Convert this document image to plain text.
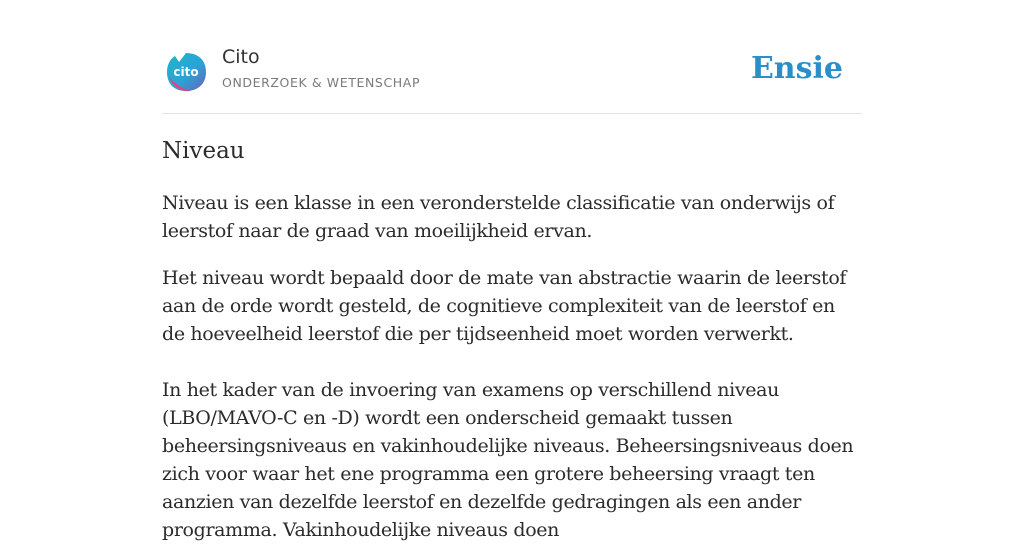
cito
Cito
ONDERZOEK & WETENSCHAP	Ensie
Niveau

Niveau is een klasse in een veronderstelde classificatie van onderwijs of leerstof naar de graad van moeilijkheid ervan.

Het niveau wordt bepaald door de mate van abstractie waarin de leerstof aan de orde wordt gesteld, de cognitieve complexiteit van de leerstof en de hoeveelheid leerstof die per tijdseenheid moet worden verwerkt.

In het kader van de invoering van examens op verschillend niveau (LBO/MAVO-C en -D) wordt een onderscheid gemaakt tussen beheersingsniveaus en vakinhoudelijke niveaus. Beheersingsniveaus doen zich voor waar het ene programma een grotere beheersing vraagt ten aanzien van dezelfde leerstof en dezelfde gedragingen als een ander programma. Vakinhoudelijke niveaus doen
